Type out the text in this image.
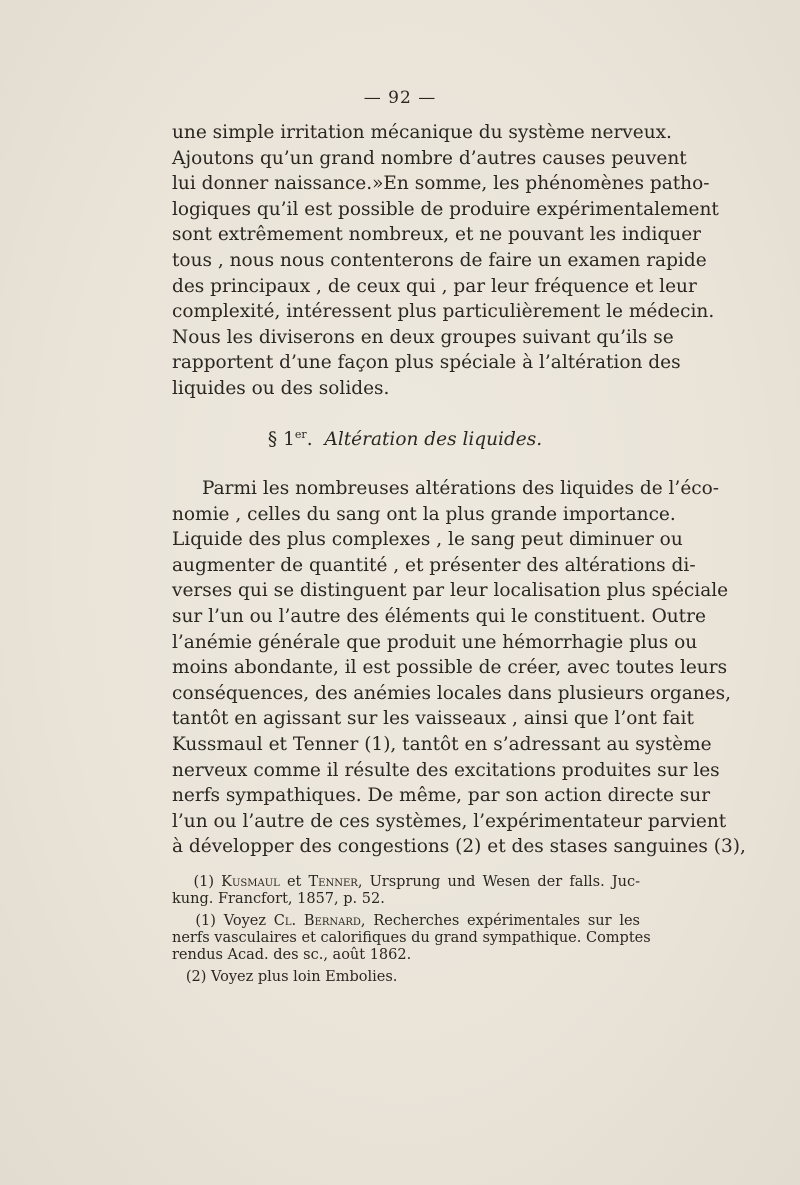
— 92 —
une simple irritation mécanique du système nerveux.
Ajoutons qu’un grand nombre d’autres causes peuvent
lui donner naissance.»En somme, les phénomènes patho-
logiques qu’il est possible de produire expérimentalement
sont extrêmement nombreux, et ne pouvant les indiquer
tous , nous nous contenterons de faire un examen rapide
des principaux , de ceux qui , par leur fréquence et leur
complexité, intéressent plus particulièrement le médecin.
Nous les diviserons en deux groupes suivant qu’ils se
rapportent d’une façon plus spéciale à l’altération des
liquides ou des solides.
§ 1er. Altération des liquides.
Parmi les nombreuses altérations des liquides de l’éco-
nomie , celles du sang ont la plus grande importance.
Liquide des plus complexes , le sang peut diminuer ou
augmenter de quantité , et présenter des altérations di-
verses qui se distinguent par leur localisation plus spéciale
sur l’un ou l’autre des éléments qui le constituent. Outre
l’anémie générale que produit une hémorrhagie plus ou
moins abondante, il est possible de créer, avec toutes leurs
conséquences, des anémies locales dans plusieurs organes,
tantôt en agissant sur les vaisseaux , ainsi que l’ont fait
Kussmaul et Tenner (1), tantôt en s’adressant au système
nerveux comme il résulte des excitations produites sur les
nerfs sympathiques. De même, par son action directe sur
l’un ou l’autre de ces systèmes, l’expérimentateur parvient
à développer des congestions (2) et des stases sanguines (3),
(1) Kusmaul et Tenner, Ursprung und Wesen der falls. Juc-
kung. Francfort, 1857, p. 52.
(1) Voyez Cl. Bernard, Recherches expérimentales sur les
nerfs vasculaires et calorifiques du grand sympathique. Comptes
rendus Acad. des sc., août 1862.
(2) Voyez plus loin Embolies.
